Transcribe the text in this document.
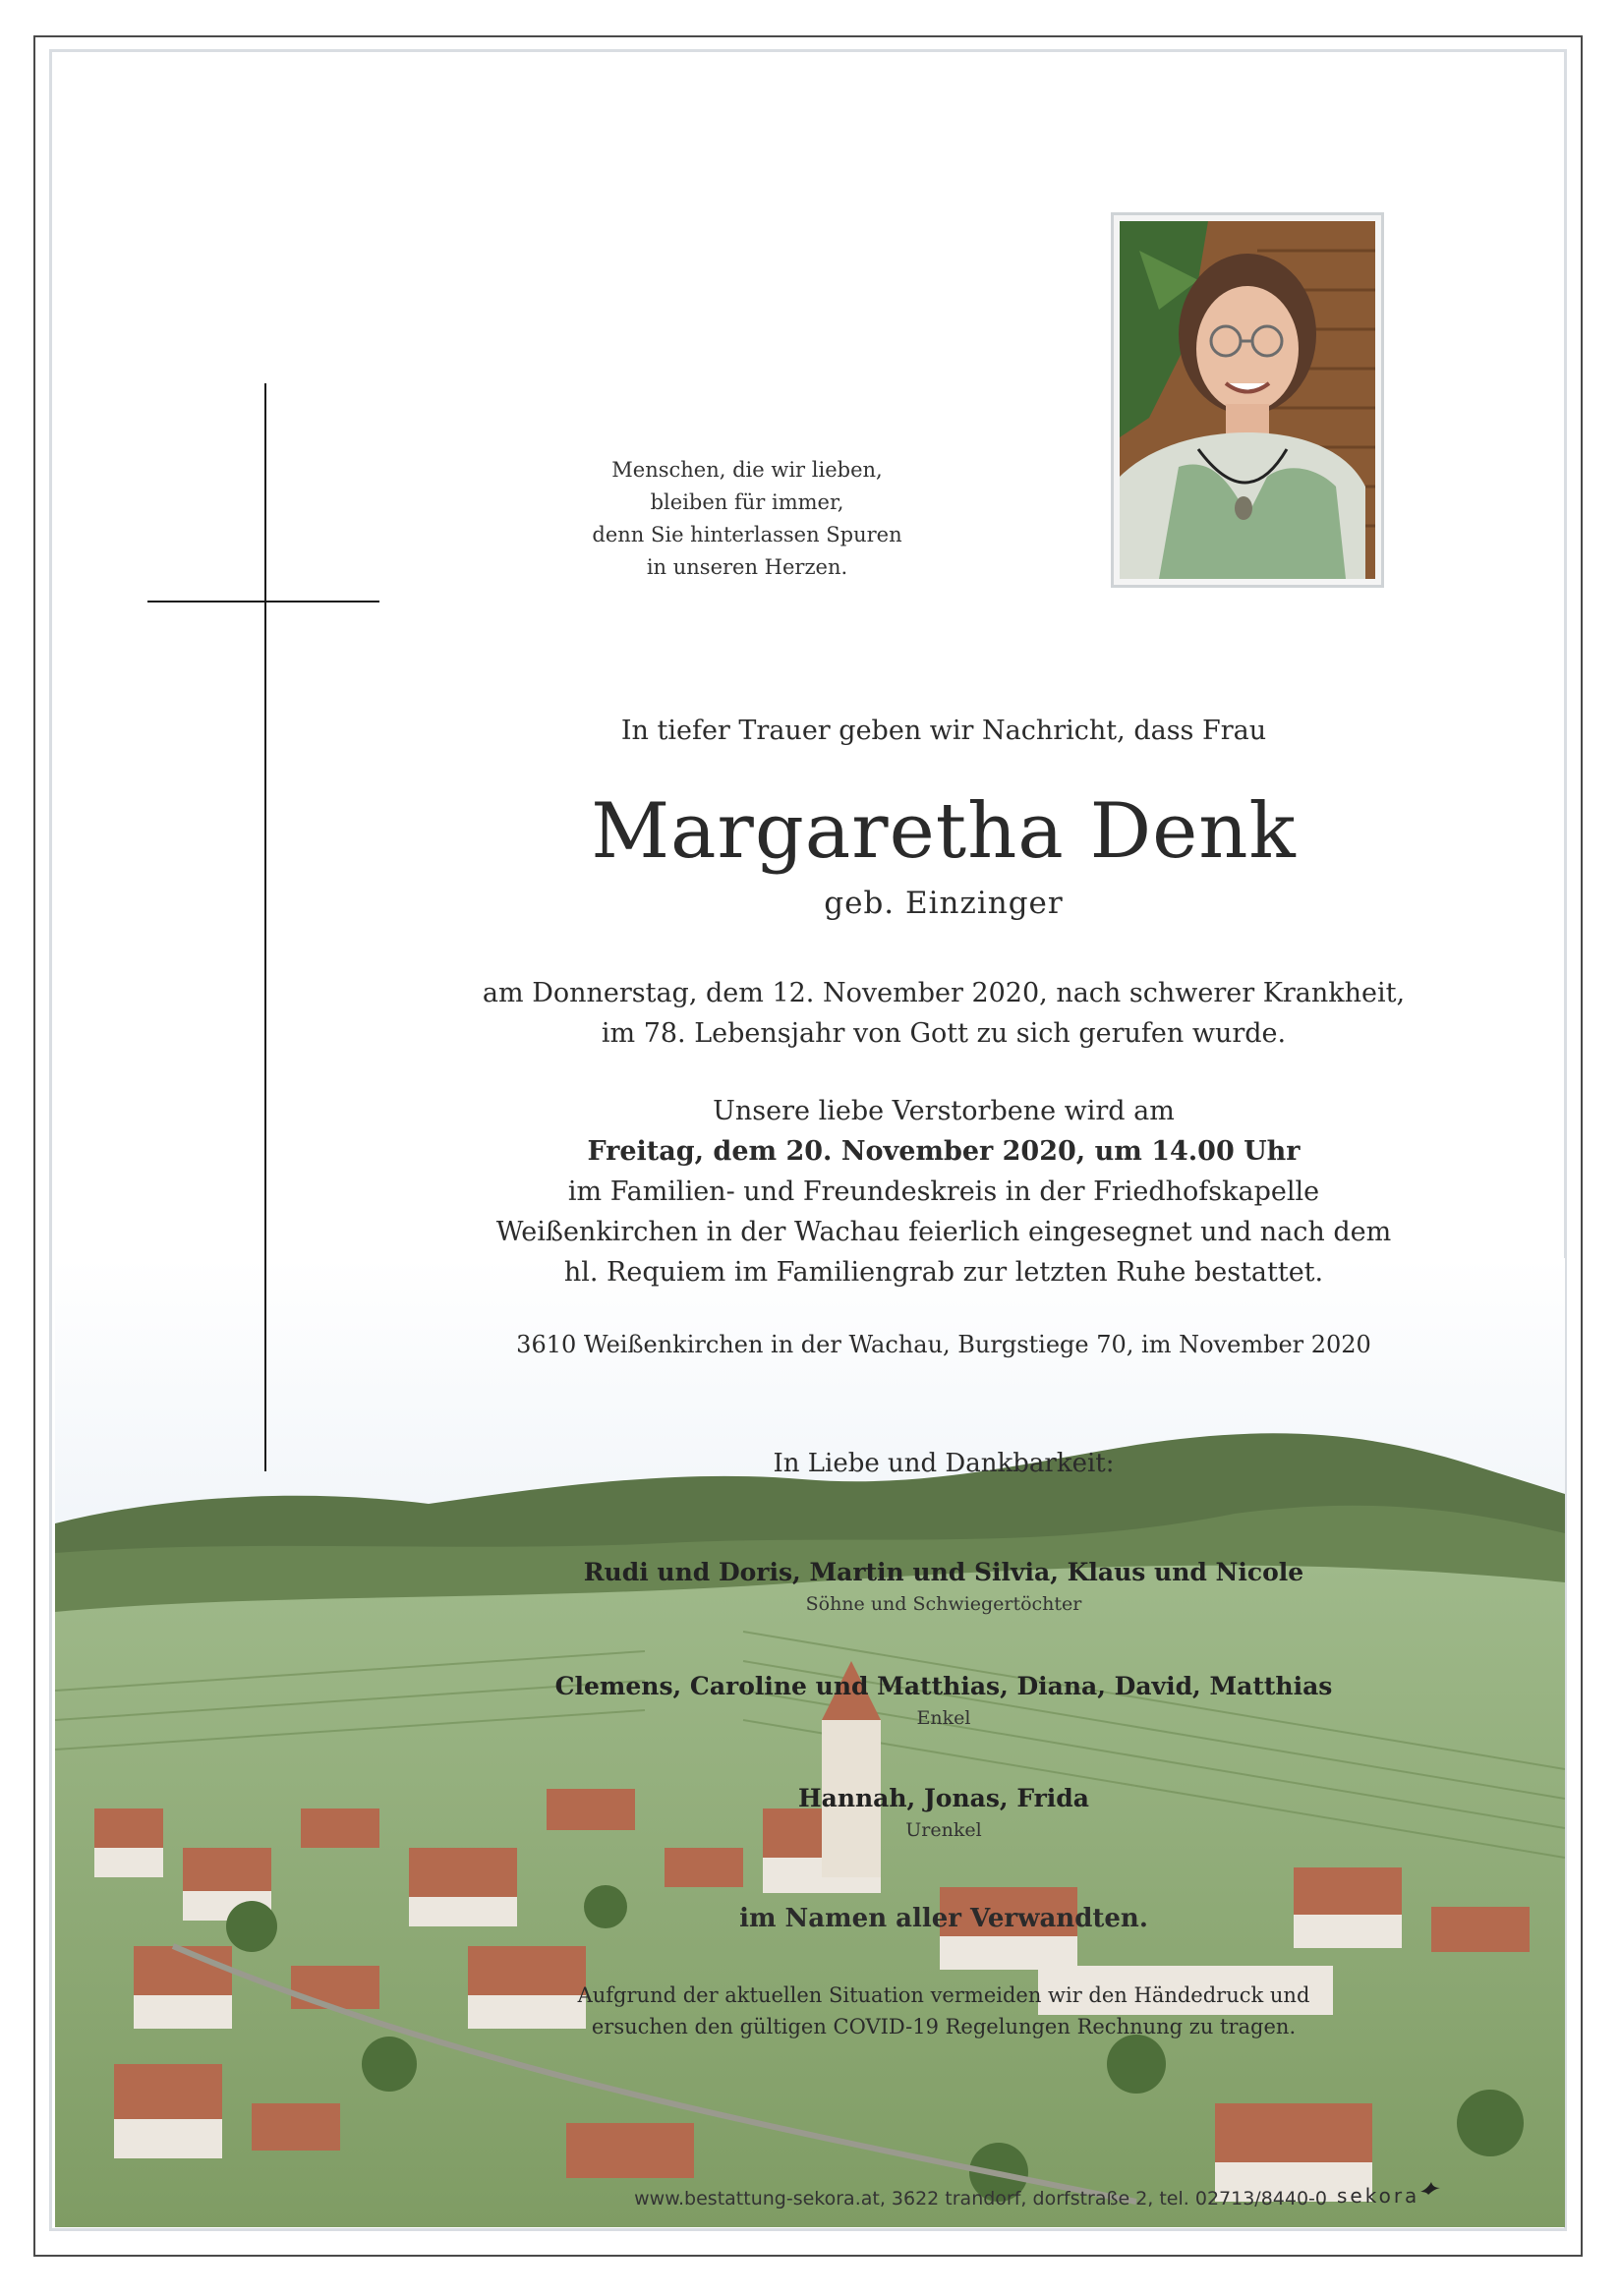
Menschen, die wir lieben,
bleiben für immer,
denn Sie hinterlassen Spuren
in unseren Herzen.
In tiefer Trauer geben wir Nachricht, dass Frau
Margaretha Denk
geb. Einzinger
am Donnerstag, dem 12. November 2020, nach schwerer Krankheit,
im 78. Lebensjahr von Gott zu sich gerufen wurde.
Unsere liebe Verstorbene wird am
Freitag, dem 20. November 2020, um 14.00 Uhr
im Familien- und Freundeskreis in der Friedhofskapelle
Weißenkirchen in der Wachau feierlich eingesegnet und nach dem
hl. Requiem im Familiengrab zur letzten Ruhe bestattet.
3610 Weißenkirchen in der Wachau, Burgstiege 70, im November 2020
In Liebe und Dankbarkeit:
Rudi und Doris, Martin und Silvia, Klaus und Nicole
Söhne und Schwiegertöchter
Clemens, Caroline und Matthias, Diana, David, Matthias
Enkel
Hannah, Jonas, Frida
Urenkel
im Namen aller Verwandten.
Aufgrund der aktuellen Situation vermeiden wir den Händedruck und
ersuchen den gültigen COVID-19 Regelungen Rechnung zu tragen.
www.bestattung-sekora.at, 3622 trandorf, dorfstraße 2, tel. 02713/8440-0 sekora
